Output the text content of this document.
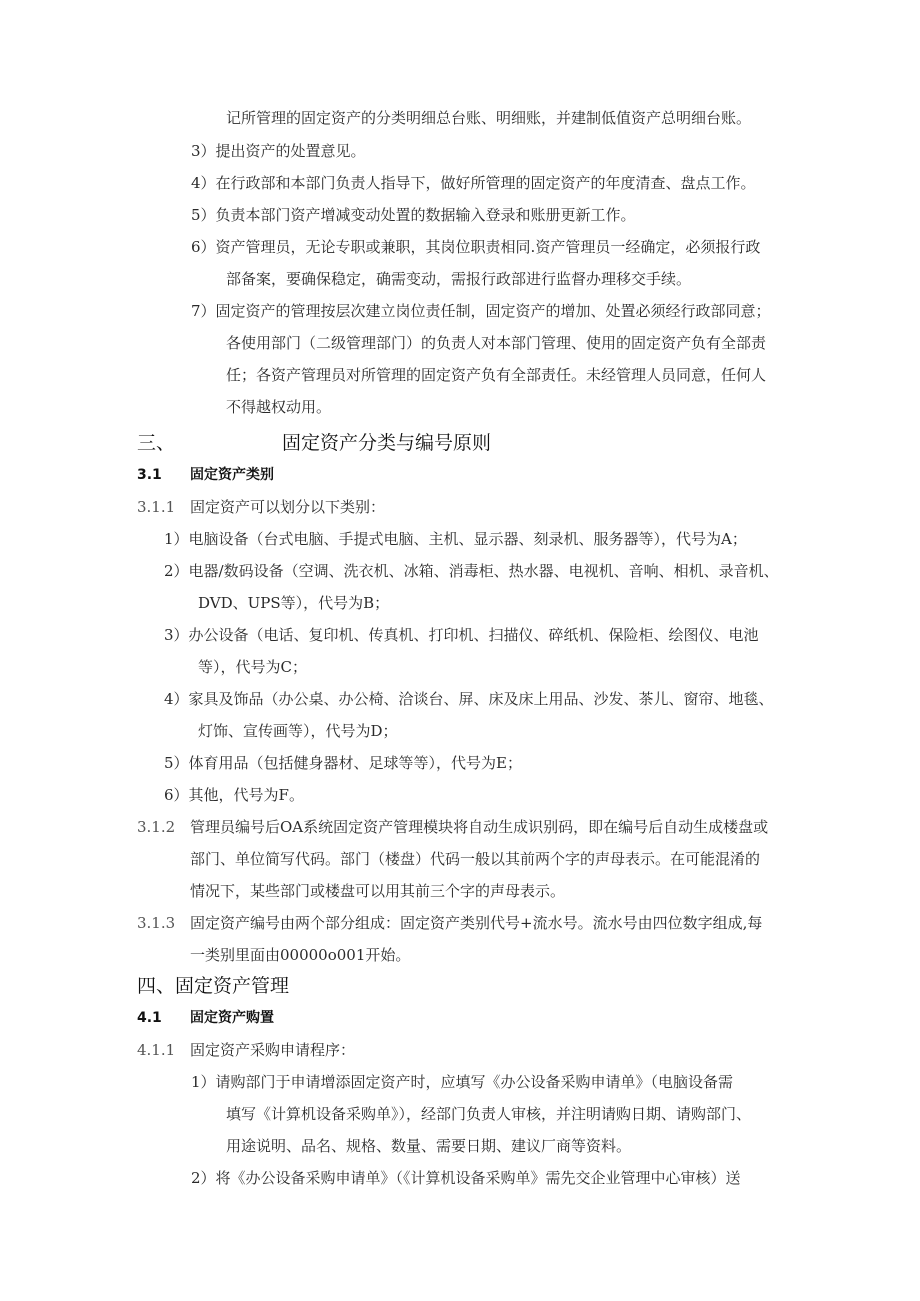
记所管理的固定资产的分类明细总台账、明细账，并建制低值资产总明细台账。
3）提出资产的处置意见。
4）在行政部和本部门负责人指导下，做好所管理的固定资产的年度清查、盘点工作。
5）负责本部门资产增减变动处置的数据输入登录和账册更新工作。
6）资产管理员，无论专职或兼职，其岗位职责相同.资产管理员一经确定，必须报行政
部备案，要确保稳定，确需变动，需报行政部进行监督办理移交手续。
7）固定资产的管理按层次建立岗位责任制，固定资产的增加、处置必须经行政部同意；
各使用部门（二级管理部门）的负责人对本部门管理、使用的固定资产负有全部责
任；各资产管理员对所管理的固定资产负有全部责任。未经管理人员同意，任何人
不得越权动用。
三、	固定资产分类与编号原则
3.1 固定资产类别
3.1.1 固定资产可以划分以下类别：
1）电脑设备（台式电脑、手提式电脑、主机、显示器、刻录机、服务器等），代号为A；
2）电器/数码设备（空调、洗衣机、冰箱、消毒柜、热水器、电视机、音响、相机、录音机、
DVD、UPS等），代号为B；
3）办公设备（电话、复印机、传真机、打印机、扫描仪、碎纸机、保险柜、绘图仪、电池
等），代号为C；
4）家具及饰品（办公桌、办公椅、洽谈台、屏、床及床上用品、沙发、茶儿、窗帘、地毯、
灯饰、宣传画等），代号为D；
5）体育用品（包括健身器材、足球等等），代号为E；
6）其他，代号为F。
3.1.2 管理员编号后OA系统固定资产管理模块将自动生成识别码，即在编号后自动生成楼盘或
部门、单位简写代码。部门（楼盘）代码一般以其前两个字的声母表示。在可能混淆的
情况下，某些部门或楼盘可以用其前三个字的声母表示。
3.1.3 固定资产编号由两个部分组成：固定资产类别代号+流水号。流水号由四位数字组成,每
一类别里面由00000o001开始。
四、固定资产管理
4.1 固定资产购置
4.1.1 固定资产采购申请程序：
1）请购部门于申请增添固定资产时，应填写《办公设备采购申请单》（电脑设备需
填写《计算机设备采购单》），经部门负责人审核，并注明请购日期、请购部门、
用途说明、品名、规格、数量、需要日期、建议厂商等资料。
2）将《办公设备采购申请单》（《计算机设备采购单》需先交企业管理中心审核）送
